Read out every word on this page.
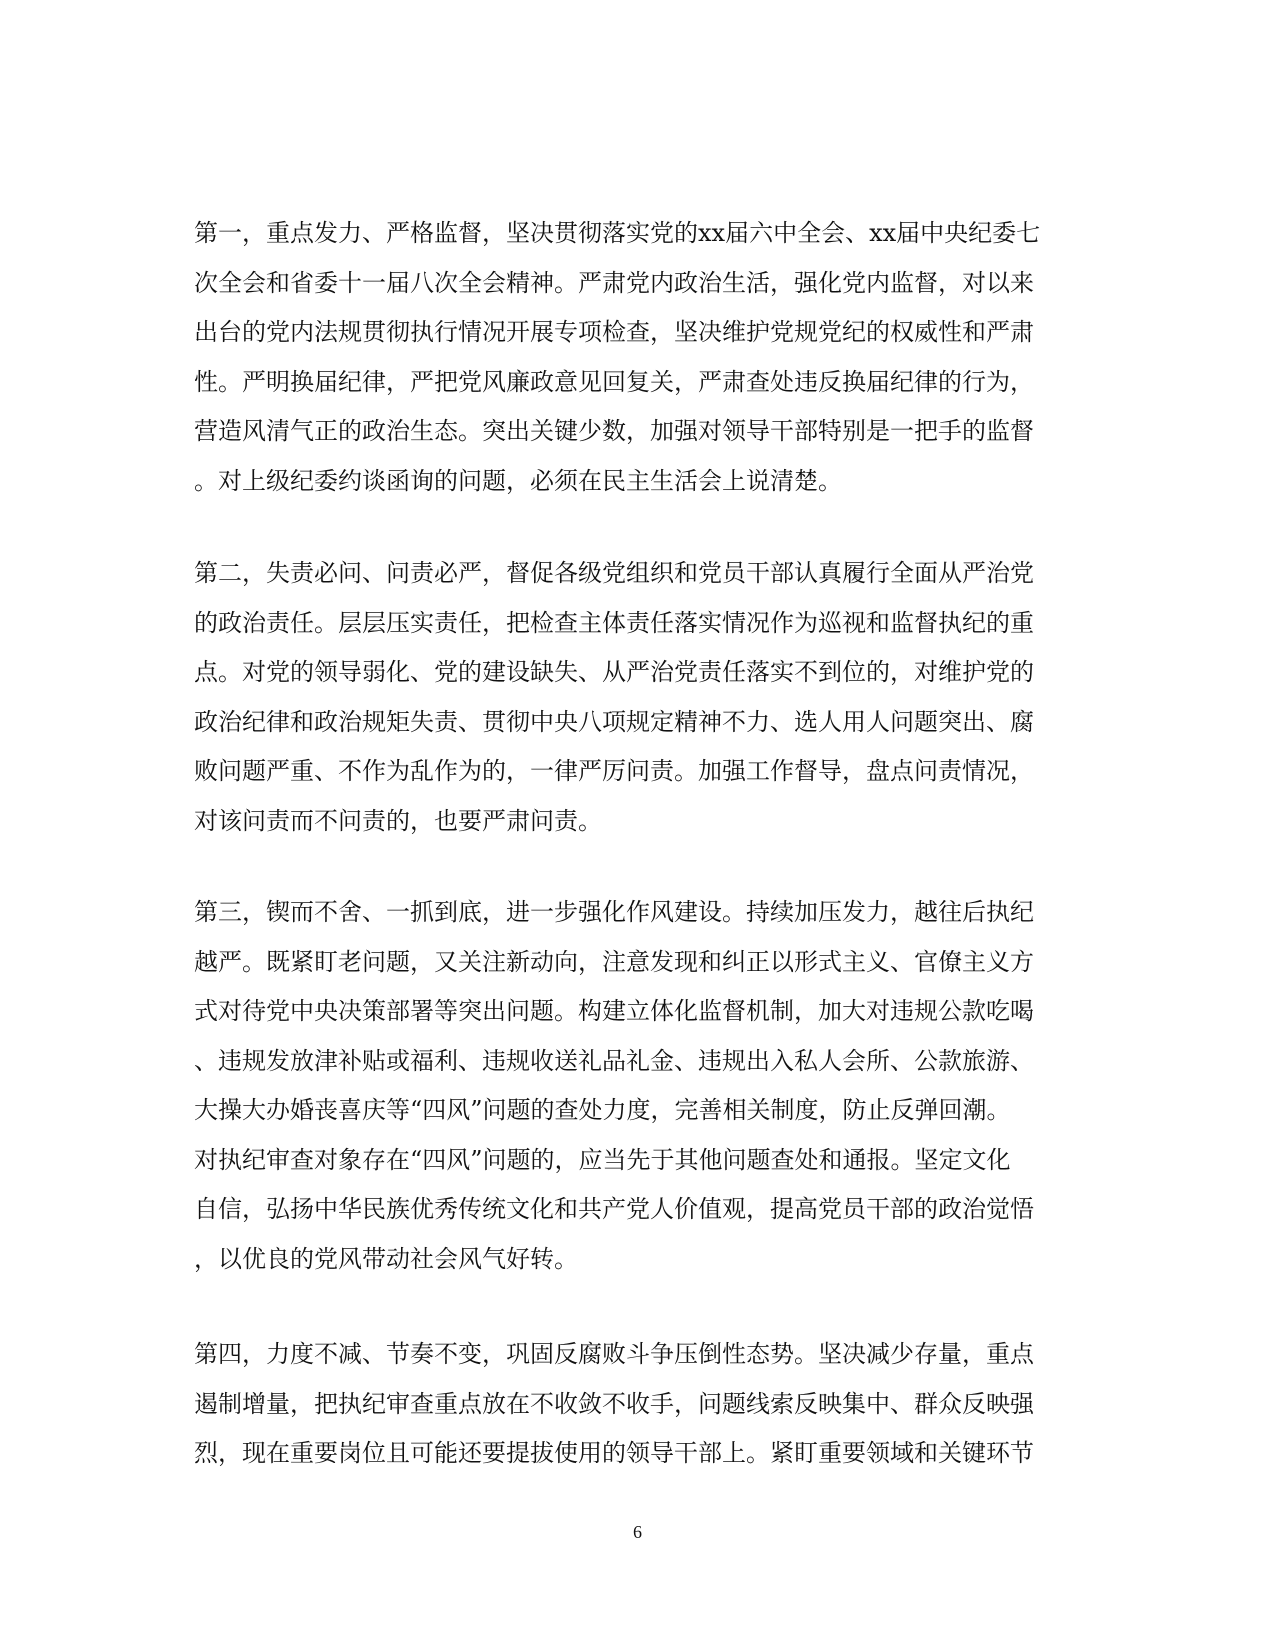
第一，重点发力、严格监督，坚决贯彻落实党的xx届六中全会、xx届中央纪委七
次全会和省委十一届八次全会精神。严肃党内政治生活，强化党内监督，对以来
出台的党内法规贯彻执行情况开展专项检查，坚决维护党规党纪的权威性和严肃
性。严明换届纪律，严把党风廉政意见回复关，严肃查处违反换届纪律的行为，
营造风清气正的政治生态。突出关键少数，加强对领导干部特别是一把手的监督
。对上级纪委约谈函询的问题，必须在民主生活会上说清楚。
第二，失责必问、问责必严，督促各级党组织和党员干部认真履行全面从严治党
的政治责任。层层压实责任，把检查主体责任落实情况作为巡视和监督执纪的重
点。对党的领导弱化、党的建设缺失、从严治党责任落实不到位的，对维护党的
政治纪律和政治规矩失责、贯彻中央八项规定精神不力、选人用人问题突出、腐
败问题严重、不作为乱作为的，一律严厉问责。加强工作督导，盘点问责情况，
对该问责而不问责的，也要严肃问责。
第三，锲而不舍、一抓到底，进一步强化作风建设。持续加压发力，越往后执纪
越严。既紧盯老问题，又关注新动向，注意发现和纠正以形式主义、官僚主义方
式对待党中央决策部署等突出问题。构建立体化监督机制，加大对违规公款吃喝
、违规发放津补贴或福利、违规收送礼品礼金、违规出入私人会所、公款旅游、
大操大办婚丧喜庆等“四风”问题的查处力度，完善相关制度，防止反弹回潮。
对执纪审查对象存在“四风”问题的，应当先于其他问题查处和通报。坚定文化
自信，弘扬中华民族优秀传统文化和共产党人价值观，提高党员干部的政治觉悟
，以优良的党风带动社会风气好转。
第四，力度不减、节奏不变，巩固反腐败斗争压倒性态势。坚决减少存量，重点
遏制增量，把执纪审查重点放在不收敛不收手，问题线索反映集中、群众反映强
烈，现在重要岗位且可能还要提拔使用的领导干部上。紧盯重要领域和关键环节
6
